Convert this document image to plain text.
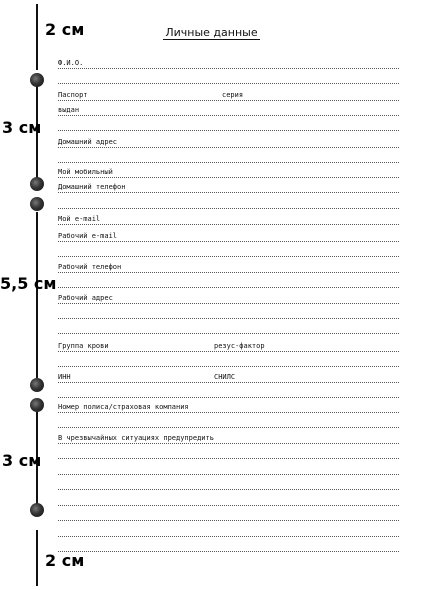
2 см
3 см
5,5 см
3 см
2 см
Личные данные
Ф.И.О.
Паспорт	серия
выдан
Домашний адрес
Мой мобильный
Домашний телефон
Мой e-mail
Рабочий e-mail
Рабочий телефон
Рабочий адрес
Группа крови	резус-фактор
ИНН	СНИЛС
Номер полиса/страховая компания
В чрезвычайных ситуациях предупредить
